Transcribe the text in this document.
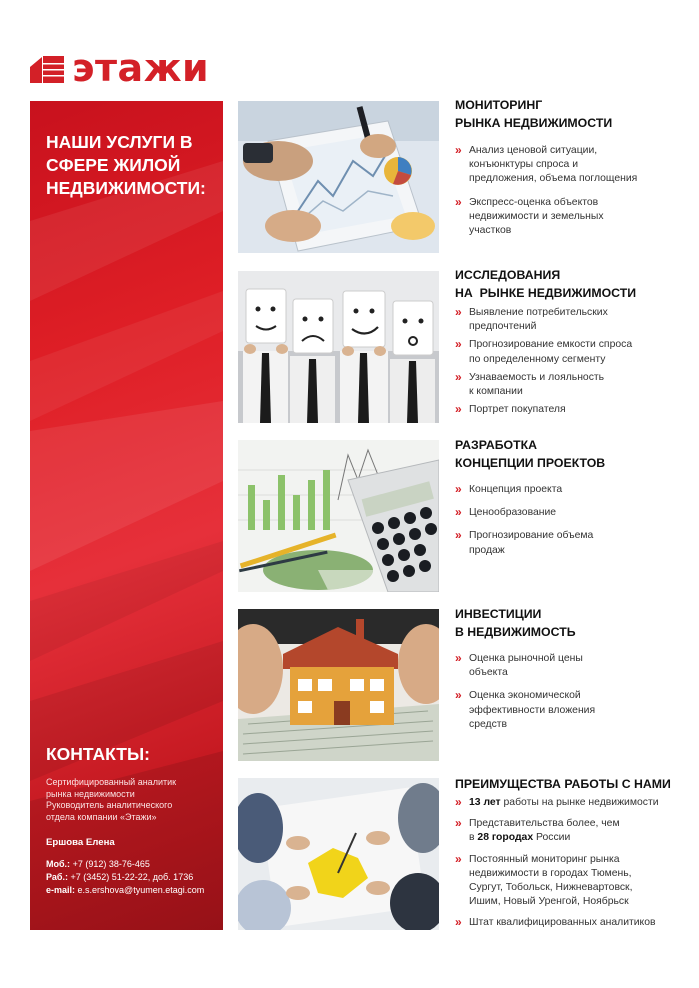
этажи
НАШИ УСЛУГИ В СФЕРЕ ЖИЛОЙ НЕДВИЖИМОСТИ:
КОНТАКТЫ:
Сертифицированный аналитик
рынка недвижимости
Руководитель аналитического
отдела компании «Этажи»
Ершова Елена
Моб.: +7 (912) 38-76-465
Раб.: +7 (3452) 51-22-22, доб. 1736
e-mail: e.s.ershova@tyumen.etagi.com
МОНИТОРИНГ
РЫНКА НЕДВИЖИМОСТИ
» Анализ ценовой ситуации,
конъюнктуры спроса и
предложения, объема поглощения
» Экспресс-оценка объектов
недвижимости и земельных
участков
ИССЛЕДОВАНИЯ
НА  РЫНКЕ НЕДВИЖИМОСТИ
» Выявление потребительских
предпочтений
» Прогнозирование емкости спроса
по определенному сегменту
» Узнаваемость и лояльность
к компании
» Портрет покупателя
РАЗРАБОТКА
КОНЦЕПЦИИ ПРОЕКТОВ
» Концепция проекта
» Ценообразование
» Прогнозирование объема
продаж
ИНВЕСТИЦИИ
В НЕДВИЖИМОСТЬ
» Оценка рыночной цены
объекта
» Оценка экономической
эффективности вложения
средств
ПРЕИМУЩЕСТВА РАБОТЫ С НАМИ
» 13 лет работы на рынке недвижимости
» Представительства более, чем
в 28 городах России
» Постоянный мониторинг рынка
недвижимости в городах Тюмень,
Сургут, Тобольск, Нижневартовск,
Ишим, Новый Уренгой, Ноябрьск
» Штат квалифицированных аналитиков
